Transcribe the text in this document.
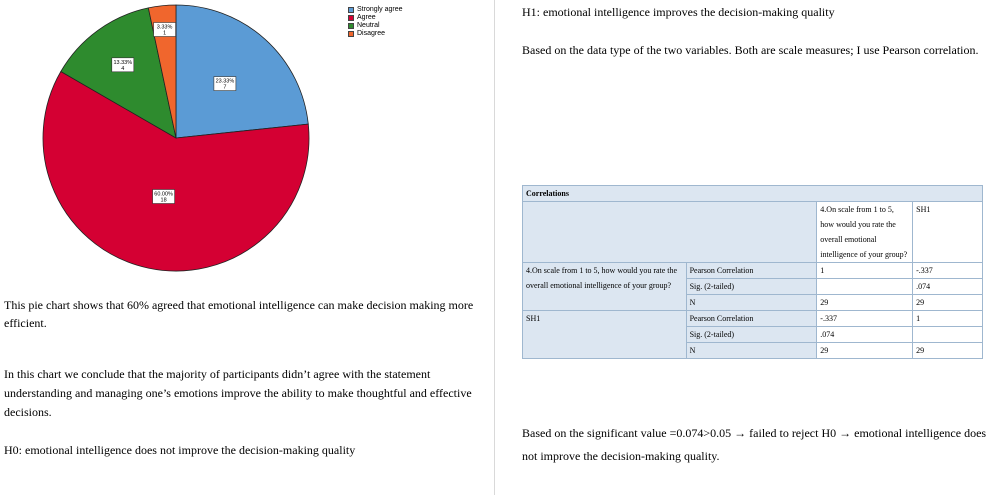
23.33%
7
60.00%
18
13.33%
4
3.33%
1
Strongly agree
Agree
Neutral
Disagree

This pie chart shows that 60% agreed that emotional intelligence can make decision making more efficient.

In this chart we conclude that the majority of participants didn’t agree with the statement understanding and managing one’s emotions improve the ability to make thoughtful and effective decisions.

H0: emotional intelligence does not improve the decision-making quality

H1: emotional intelligence improves the decision-making quality

Based on the data type of the two variables. Both are scale measures; I use Pearson correlation.

Correlations			
		4.On scale from 1 to 5, how would you rate the overall emotional intelligence of your group?	SH1
4.On scale from 1 to 5, how would you rate the overall emotional intelligence of your group?	Pearson Correlation	1	-.337
	Sig. (2-tailed)		.074
	N	29	29
SH1	Pearson Correlation	-.337	1
	Sig. (2-tailed)	.074	
	N	29	29

Based on the significant value =0.074>0.05 → failed to reject H0 → emotional intelligence does not improve the decision-making quality.
